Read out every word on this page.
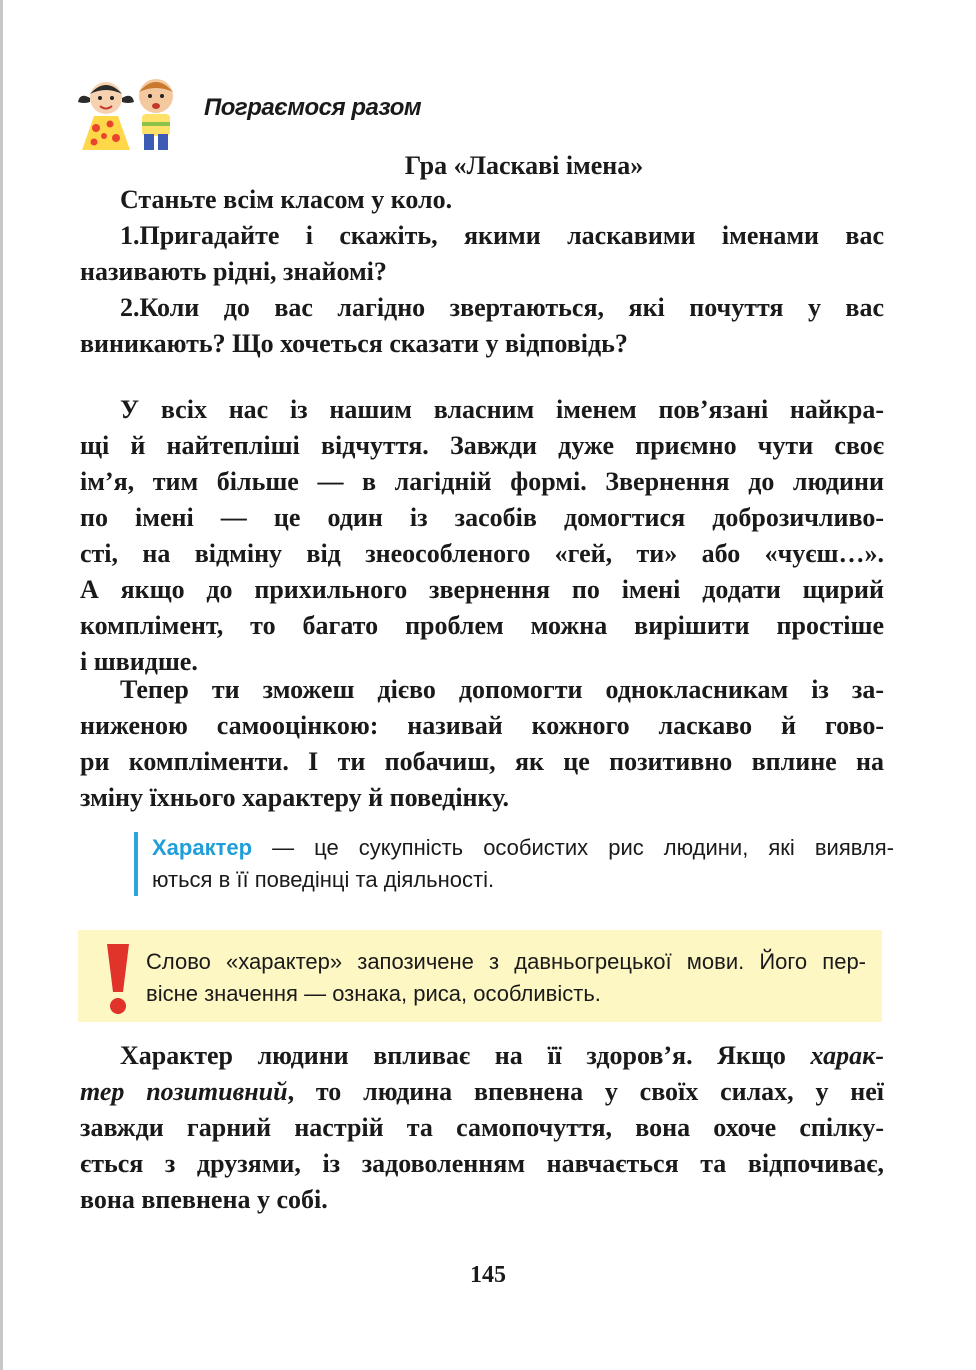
Пограємося разом
Гра «Ласкаві імена»
Станьте всім класом у коло.
1.Пригадайте і скажіть, якими ласкавими іменами вас
називають рідні, знайомі?
2.Коли до вас лагідно звертаються, які почуття у вас
виникають? Що хочеться сказати у відповідь?
У всіх нас із нашим власним іменем пов’язані найкра-
щі й найтепліші відчуття. Завжди дуже приємно чути своє
ім’я, тим більше — в лагідній формі. Звернення до людини
по імені — це один із засобів домогтися доброзичливо-
сті, на відміну від знеособленого «гей, ти» або «чуєш…».
А якщо до прихильного звернення по імені додати щирий
комплімент, то багато проблем можна вирішити простіше
і швидше.
Тепер ти зможеш дієво допомогти однокласникам із за-
ниженою самооцінкою: називай кожного ласкаво й гово-
ри компліменти. І ти побачиш, як це позитивно вплине на
зміну їхнього характеру й поведінку.
Характер — це сукупність особистих рис людини, які виявля-
ються в її поведінці та діяльності.
Слово «характер» запозичене з давньогрецької мови. Його пер-
вісне значення — ознака, риса, особливість.
Характер людини впливає на її здоров’я. Якщо харак-
тер позитивний, то людина впевнена у своїх силах, у неї
завжди гарний настрій та самопочуття, вона охоче спілку-
ється з друзями, із задоволенням навчається та відпочиває,
вона впевнена у собі.
145
